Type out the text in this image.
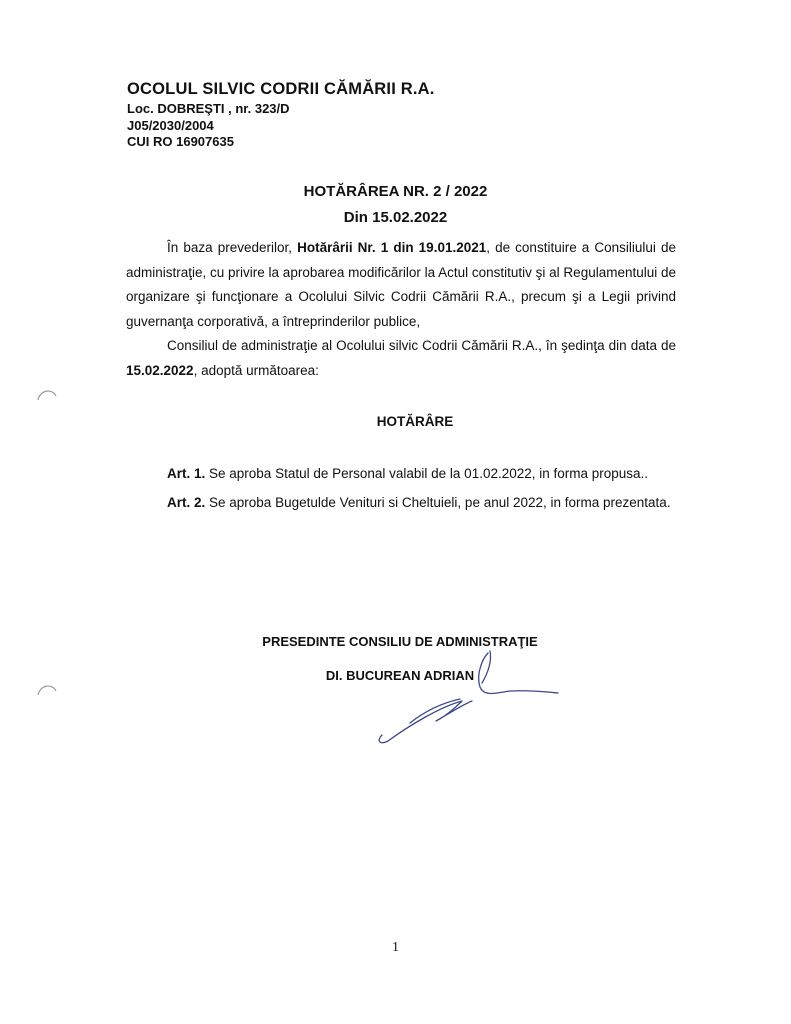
OCOLUL SILVIC CODRII CĂMĂRII R.A.
Loc. DOBREŞTI , nr. 323/D
J05/2030/2004
CUI RO 16907635
HOTĂRÂREA NR. 2 / 2022
Din 15.02.2022

În baza prevederilor, Hotărârii Nr. 1 din 19.01.2021, de constituire a Consiliului de administraţie, cu privire la aprobarea modificărilor la Actul constitutiv şi al Regulamentului de organizare şi funcţionare a Ocolului Silvic Codrii Cămării R.A., precum şi a Legii privind guvernanţa corporativă, a întreprinderilor publice,

Consiliul de administraţie al Ocolului silvic Codrii Cămării R.A., în şedinţa din data de 15.02.2022, adoptă următoarea:

HOTĂRÂRE

Art. 1. Se aproba Statul de Personal valabil de la 01.02.2022, in forma propusa..

Art. 2. Se aproba Bugetulde Venituri si Cheltuieli, pe anul 2022, in forma prezentata.

PRESEDINTE CONSILIU DE ADMINISTRAŢIE
DI. BUCUREAN ADRIAN
1
